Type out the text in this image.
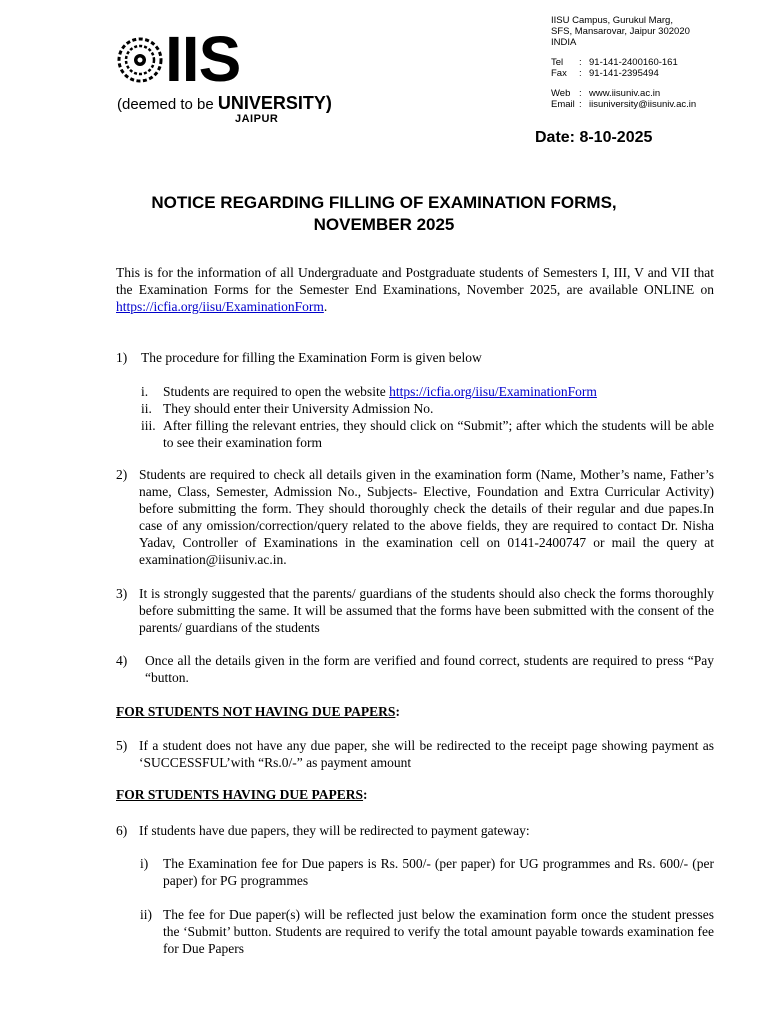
IIS
(deemed to be UNIVERSITY)
JAIPUR
IISU Campus, Gurukul Marg,
SFS, Mansarovar, Jaipur 302020
INDIA
Tel	: 91-141-2400160-161
Fax	: 91-141-2395494
Web : www.iisuniv.ac.in
Email : iisuniversity@iisuniv.ac.in
Date: 8-10-2025
NOTICE REGARDING FILLING OF EXAMINATION FORMS,
NOVEMBER 2025
This is for the information of all Undergraduate and Postgraduate students of Semesters I, III, V and VII that the Examination Forms for the Semester End Examinations, November 2025, are available ONLINE on https://icfia.org/iisu/ExaminationForm.
1) The procedure for filling the Examination Form is given below
i. Students are required to open the website https://icfia.org/iisu/ExaminationForm
ii. They should enter their University Admission No.
iii. After filling the relevant entries, they should click on “Submit”; after which the students will be able to see their examination form
2) Students are required to check all details given in the examination form (Name, Mother’s name, Father’s name, Class, Semester, Admission No., Subjects- Elective, Foundation and Extra Curricular Activity) before submitting the form. They should thoroughly check the details of their regular and due papes.In case of any omission/correction/query related to the above fields, they are required to contact Dr. Nisha Yadav, Controller of Examinations in the examination cell on 0141-2400747 or mail the query at examination@iisuniv.ac.in.
3) It is strongly suggested that the parents/ guardians of the students should also check the forms thoroughly before submitting the same. It will be assumed that the forms have been submitted with the consent of the parents/ guardians of the students
4) Once all the details given in the form are verified and found correct, students are required to press “Pay “button.
FOR STUDENTS NOT HAVING DUE PAPERS:
5) If a student does not have any due paper, she will be redirected to the receipt page showing payment as ‘SUCCESSFUL’with “Rs.0/-” as payment amount
FOR STUDENTS HAVING DUE PAPERS:
6) If students have due papers, they will be redirected to payment gateway:
i) The Examination fee for Due papers is Rs. 500/- (per paper) for UG programmes and Rs. 600/- (per paper) for PG programmes
ii) The fee for Due paper(s) will be reflected just below the examination form once the student presses the ‘Submit’ button. Students are required to verify the total amount payable towards examination fee for Due Papers
